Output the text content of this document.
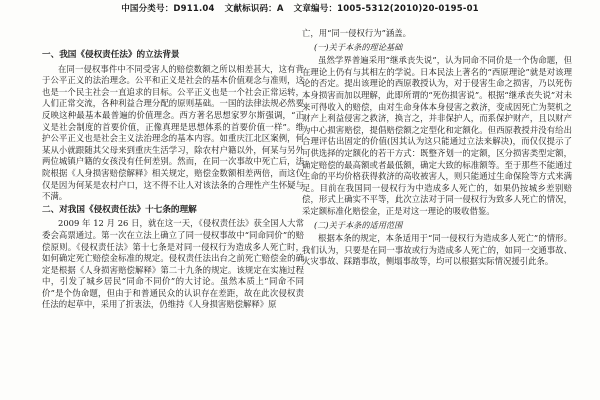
中国分类号：D911.04 文献标识码：A 文章编号：1005-5312(2010)20-0195-01
一、我国《侵权责任法》的立法背景
在同一侵权事件中不同受害人的赔偿数额之所以相差甚大，这有背于公平正义的法治理念。公平和正义是社会的基本价值观念与准则，这也是一个民主社会一直追求的目标。公平正义也是一个社会正常运转，人们正常交流，各种利益合理分配的原则基础。一国的法律法规必然要反映这种最基本最普遍的价值理念。西方著名思想家罗尔斯强调，“正义是社会制度的首要价值，正像真理是思想体系的首要价值一样”。维护公平正义也是社会主义法治理念的基本内容。如重庆江北区案例，何某从小就跟随其父母来到重庆生活学习，除农村户籍以外，何某与另外两位城镇户籍的女孩没有任何差别。然而，在同一次事故中死亡后，法院根据《人身损害赔偿解释》相关规定，赔偿金数额相差两倍，而这仅仅是因为何某是农村户口，这不得不让人对该法条的合理性产生怀疑与不满。
二、对我国《侵权责任法》十七条的理解
2009 年 12 月 26 日，就在这一天，《侵权责任法》获全国人大常委会高票通过。第一次在立法上确立了同一侵权事故中“同命同价”的赔偿原则。《侵权责任法》第十七条是对同一侵权行为造成多人死亡时，如何确定死亡赔偿金标准的规定。侵权责任法出台之前死亡赔偿金的确定是根据《人身损害赔偿解释》第二十九条的规定。该规定在实施过程中，引发了城乡居民“同命不同价”的大讨论。虽然本质上“同命不同价”是个伪命题，但由于和普通民众的认识存在差距，故在此次侵权责任法的起草中，采用了折衷法，仍维持《人身损害赔偿解释》原
亡，用“同一侵权行为”涵盖。
(一)关于本条的理论基础
虽然学界普遍采用“继承丧失说”，认为同命不同价是一个伪命题，但在理论上仍有与其相左的学说。日本民法上著名的“西原理论”就是对该理论的否定。提出该理论的西原教授认为，对于侵害生命之损害，乃以死伤本身损害而加以理解，此即所谓的“死伤损害说”。根据“继承丧失说”对未来可得收入的赔偿，由对生命身体本身侵害之救济，变成因死亡为契机之财产上利益侵害之救济，换言之，并非保护人，而系保护财产，且以财产为中心损害赔偿，提倡赔偿额之定型化和定额化。但西原教授并没有给出合理评估出固定的价值(因其认为这只能通过立法来解决)，而仅仅提示了可供选择的定额化的若干方式：既整齐划一的定额，区分损害类型定额，确定赔偿的最高额或者最低额，确定大致的标准额等。至于那些不能通过生命的平均价格获得救济的高收被害人，则只能通过生命保险等方式来满足。目前在我国同一侵权行为中造成多人死亡的，如果仍按城乡差别赔偿，形式上确实不平等，此次立法对于同一侵权行为致多人死亡的情况，采定额标准化赔偿金，正是对这一理论的吸收借鉴。
(二)关于本条的适用范围
根据本条的规定，本条适用于“同一侵权行为造成多人死亡”的情形。我们认为，只要是在同一事故或行为造成多人死亡的，如同一交通事故、火灾事故、踩踏事故，侧塌事故等，均可以根据实际情况援引此条。
